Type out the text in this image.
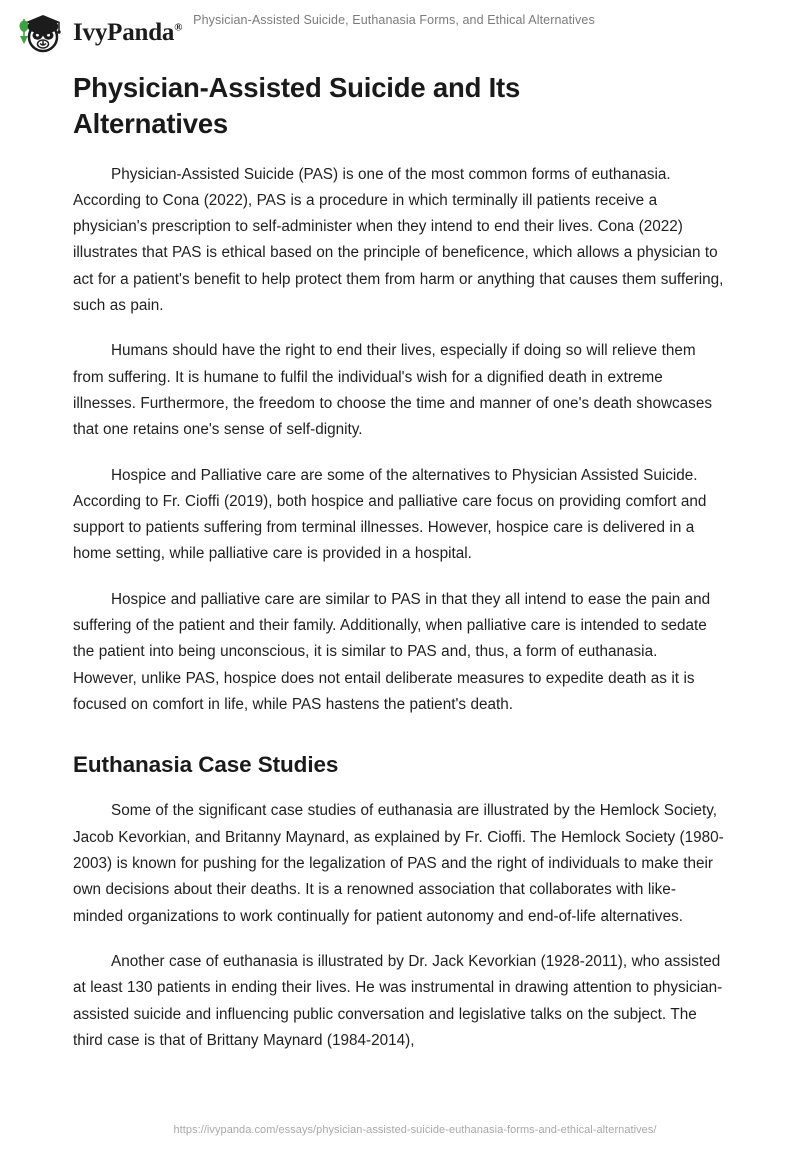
IvyPanda®
Physician-Assisted Suicide, Euthanasia Forms, and Ethical Alternatives
Physician-Assisted Suicide and Its Alternatives

Physician-Assisted Suicide (PAS) is one of the most common forms of euthanasia. According to Cona (2022), PAS is a procedure in which terminally ill patients receive a physician's prescription to self-administer when they intend to end their lives. Cona (2022) illustrates that PAS is ethical based on the principle of beneficence, which allows a physician to act for a patient's benefit to help protect them from harm or anything that causes them suffering, such as pain.

Humans should have the right to end their lives, especially if doing so will relieve them from suffering. It is humane to fulfil the individual's wish for a dignified death in extreme illnesses. Furthermore, the freedom to choose the time and manner of one's death showcases that one retains one's sense of self-dignity.

Hospice and Palliative care are some of the alternatives to Physician Assisted Suicide. According to Fr. Cioffi (2019), both hospice and palliative care focus on providing comfort and support to patients suffering from terminal illnesses. However, hospice care is delivered in a home setting, while palliative care is provided in a hospital.

Hospice and palliative care are similar to PAS in that they all intend to ease the pain and suffering of the patient and their family. Additionally, when palliative care is intended to sedate the patient into being unconscious, it is similar to PAS and, thus, a form of euthanasia. However, unlike PAS, hospice does not entail deliberate measures to expedite death as it is focused on comfort in life, while PAS hastens the patient's death.

Euthanasia Case Studies

Some of the significant case studies of euthanasia are illustrated by the Hemlock Society, Jacob Kevorkian, and Britanny Maynard, as explained by Fr. Cioffi. The Hemlock Society (1980-2003) is known for pushing for the legalization of PAS and the right of individuals to make their own decisions about their deaths. It is a renowned association that collaborates with like-minded organizations to work continually for patient autonomy and end-of-life alternatives.

Another case of euthanasia is illustrated by Dr. Jack Kevorkian (1928-2011), who assisted at least 130 patients in ending their lives. He was instrumental in drawing attention to physician-assisted suicide and influencing public conversation and legislative talks on the subject. The third case is that of Brittany Maynard (1984-2014),

https://ivypanda.com/essays/physician-assisted-suicide-euthanasia-forms-and-ethical-alternatives/
